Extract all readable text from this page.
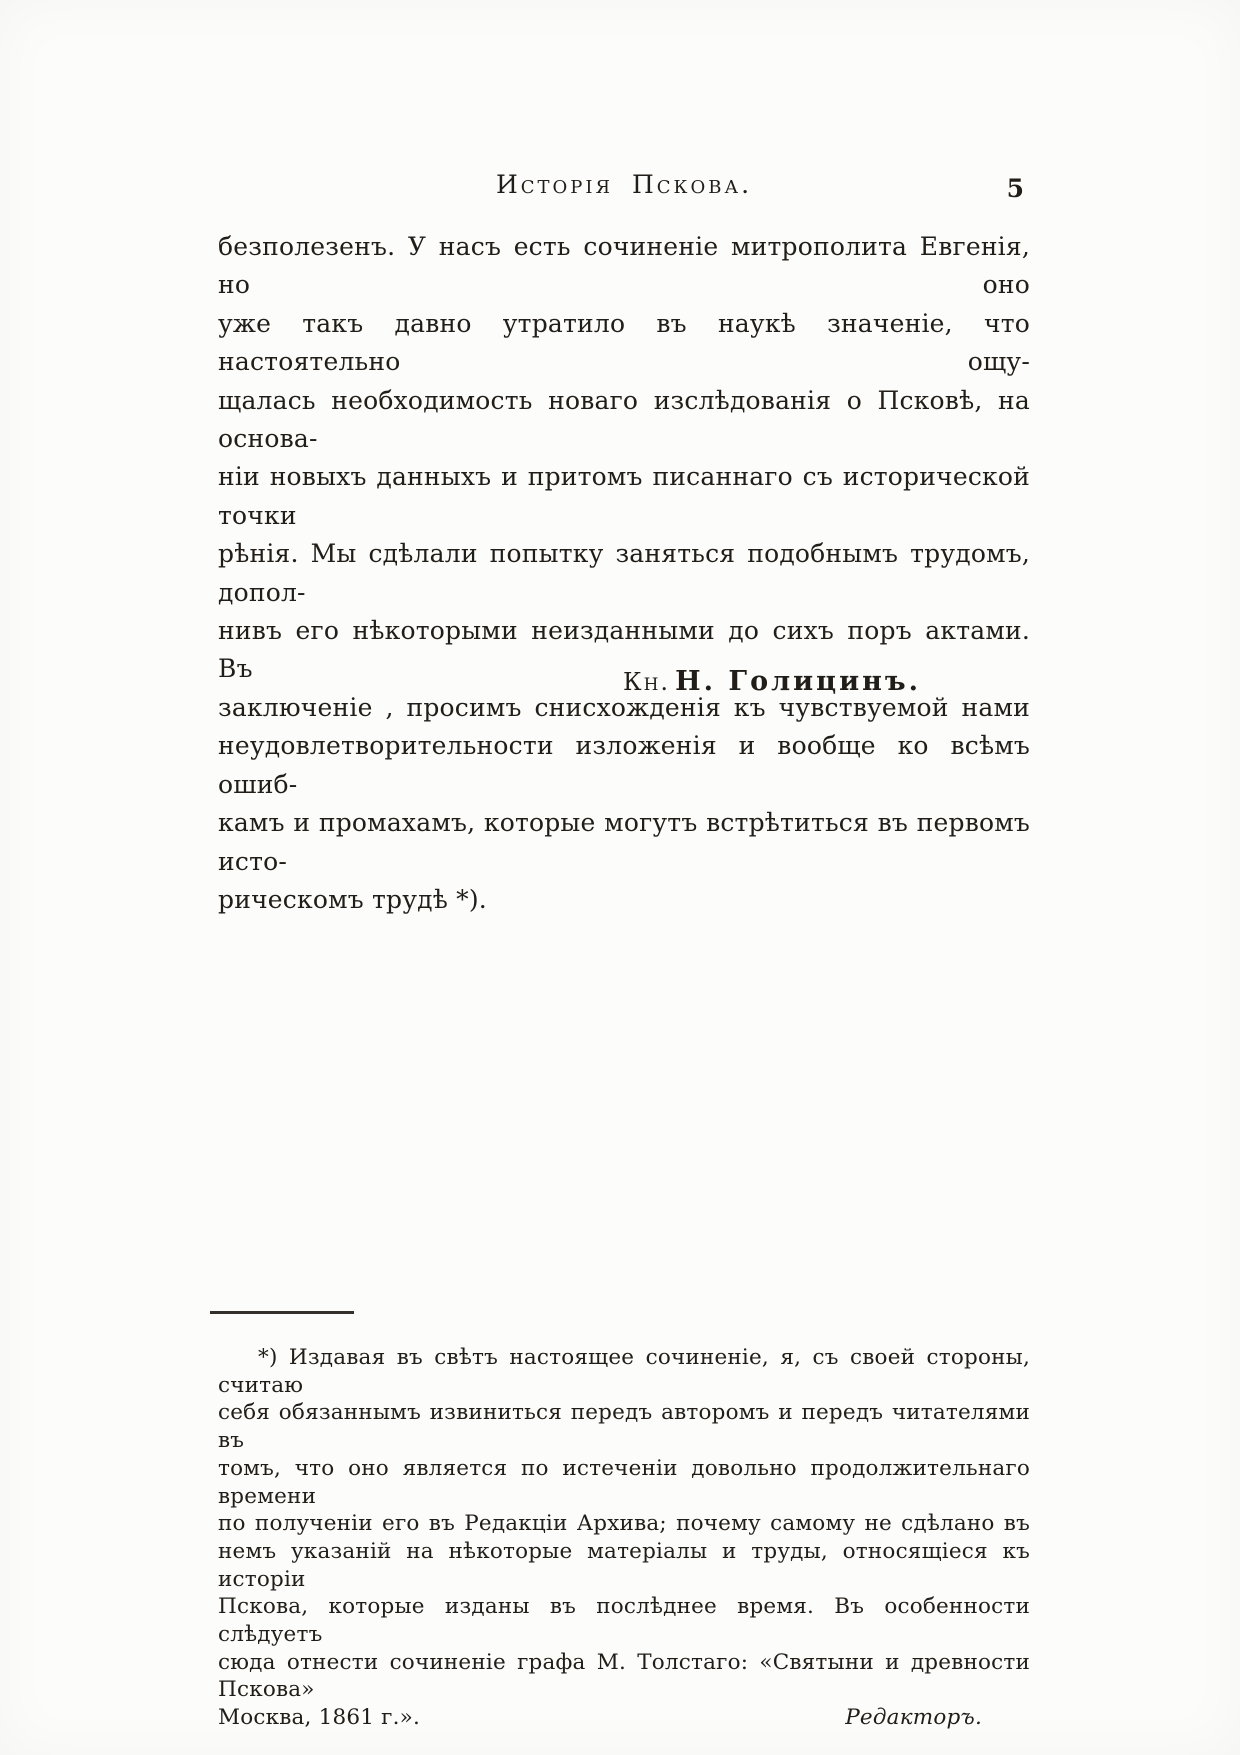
Исторія Пскова.	5
безполезенъ. У насъ есть сочиненіе митрополита Евгенія, но оно
уже такъ давно утратило въ наукѣ значеніе, что настоятельно ощу-
щалась необходимость новаго изслѣдованія о Псковѣ, на основа-
ніи новыхъ данныхъ и притомъ писаннаго съ исторической точки
рѣнія. Мы сдѣлали попытку заняться подобнымъ трудомъ, допол-
нивъ его нѣкоторыми неизданными до сихъ поръ актами. Въ
заключеніе , просимъ снисхожденія къ чувствуемой нами
неудовлетворительности изложенія и вообще ко всѣмъ ошиб-
камъ и промахамъ, которые могутъ встрѣтиться въ первомъ исто-
рическомъ трудѣ *).
Кн. Н. Голицинъ.
*) Издавая въ свѣтъ настоящее сочиненіе, я, съ своей стороны, считаю
себя обязаннымъ извиниться передъ авторомъ и передъ читателями въ
томъ, что оно является по истеченіи довольно продолжительнаго времени
по полученіи его въ Редакціи Архива; почему самому не сдѣлано въ
немъ указаній на нѣкоторые матеріалы и труды, относящіеся къ исторіи
Пскова, которые изданы въ послѣднее время. Въ особенности слѣдуетъ
сюда отнести сочиненіе графа М. Толстаго: «Святыни и древности Пскова»
Москва, 1861 г.».	Редакторъ.
